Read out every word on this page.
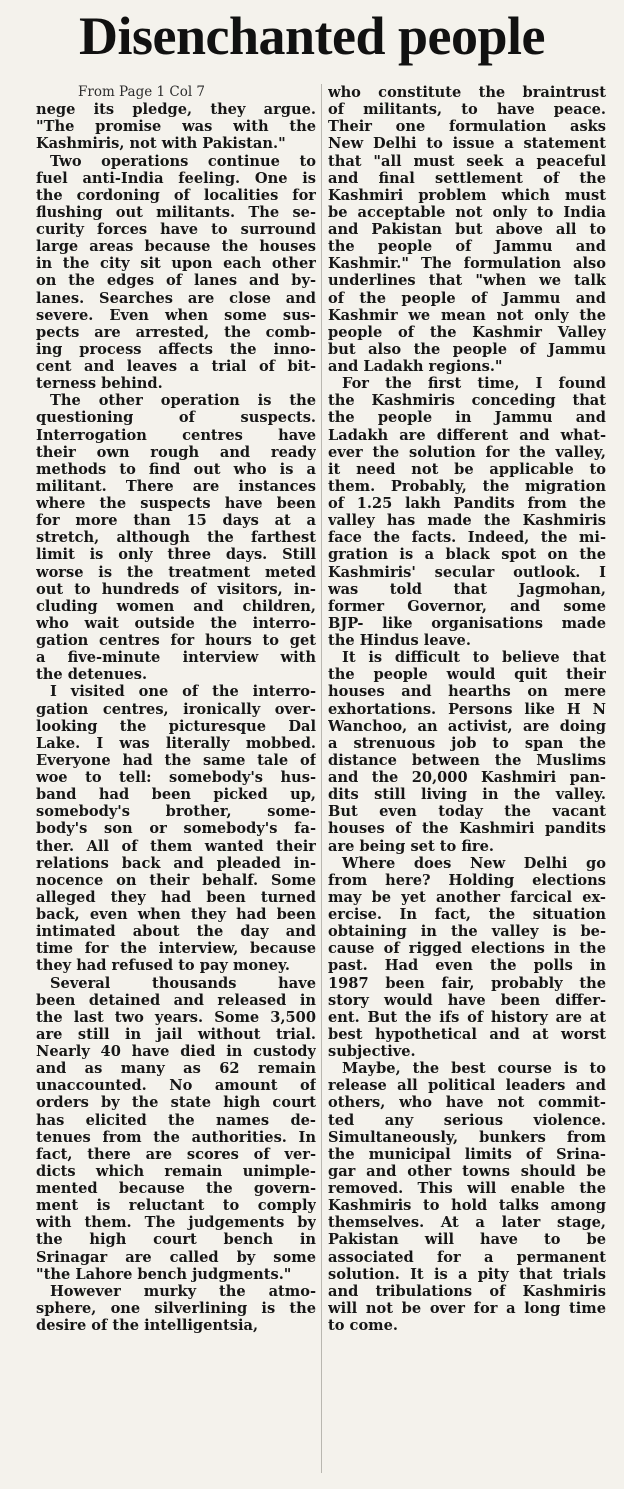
Disenchanted people
From Page 1 Col 7
nege its pledge, they argue.
"The promise was with the
Kashmiris, not with Pakistan."
Two operations continue to
fuel anti-India feeling. One is
the cordoning of localities for
flushing out militants. The se-
curity forces have to surround
large areas because the houses
in the city sit upon each other
on the edges of lanes and by-
lanes. Searches are close and
severe. Even when some sus-
pects are arrested, the comb-
ing process affects the inno-
cent and leaves a trial of bit-
terness behind.
The other operation is the
questioning of suspects.
Interrogation centres have
their own rough and ready
methods to find out who is a
militant. There are instances
where the suspects have been
for more than 15 days at a
stretch, although the farthest
limit is only three days. Still
worse is the treatment meted
out to hundreds of visitors, in-
cluding women and children,
who wait outside the interro-
gation centres for hours to get
a five-minute interview with
the detenues.
I visited one of the interro-
gation centres, ironically over-
looking the picturesque Dal
Lake. I was literally mobbed.
Everyone had the same tale of
woe to tell: somebody's hus-
band had been picked up,
somebody's brother, some-
body's son or somebody's fa-
ther. All of them wanted their
relations back and pleaded in-
nocence on their behalf. Some
alleged they had been turned
back, even when they had been
intimated about the day and
time for the interview, because
they had refused to pay money.
Several thousands have
been detained and released in
the last two years. Some 3,500
are still in jail without trial.
Nearly 40 have died in custody
and as many as 62 remain
unaccounted. No amount of
orders by the state high court
has elicited the names de-
tenues from the authorities. In
fact, there are scores of ver-
dicts which remain unimple-
mented because the govern-
ment is reluctant to comply
with them. The judgements by
the high court bench in
Srinagar are called by some
"the Lahore bench judgments."
However murky the atmo-
sphere, one silverlining is the
desire of the intelligentsia,
who constitute the braintrust
of militants, to have peace.
Their one formulation asks
New Delhi to issue a statement
that "all must seek a peaceful
and final settlement of the
Kashmiri problem which must
be acceptable not only to India
and Pakistan but above all to
the people of Jammu and
Kashmir." The formulation also
underlines that "when we talk
of the people of Jammu and
Kashmir we mean not only the
people of the Kashmir Valley
but also the people of Jammu
and Ladakh regions."
For the first time, I found
the Kashmiris conceding that
the people in Jammu and
Ladakh are different and what-
ever the solution for the valley,
it need not be applicable to
them. Probably, the migration
of 1.25 lakh Pandits from the
valley has made the Kashmiris
face the facts. Indeed, the mi-
gration is a black spot on the
Kashmiris' secular outlook. I
was told that Jagmohan,
former Governor, and some
BJP- like organisations made
the Hindus leave.
It is difficult to believe that
the people would quit their
houses and hearths on mere
exhortations. Persons like H N
Wanchoo, an activist, are doing
a strenuous job to span the
distance between the Muslims
and the 20,000 Kashmiri pan-
dits still living in the valley.
But even today the vacant
houses of the Kashmiri pandits
are being set to fire.
Where does New Delhi go
from here? Holding elections
may be yet another farcical ex-
ercise. In fact, the situation
obtaining in the valley is be-
cause of rigged elections in the
past. Had even the polls in
1987 been fair, probably the
story would have been differ-
ent. But the ifs of history are at
best hypothetical and at worst
subjective.
Maybe, the best course is to
release all political leaders and
others, who have not commit-
ted any serious violence.
Simultaneously, bunkers from
the municipal limits of Srina-
gar and other towns should be
removed. This will enable the
Kashmiris to hold talks among
themselves. At a later stage,
Pakistan will have to be
associated for a permanent
solution. It is a pity that trials
and tribulations of Kashmiris
will not be over for a long time
to come.
